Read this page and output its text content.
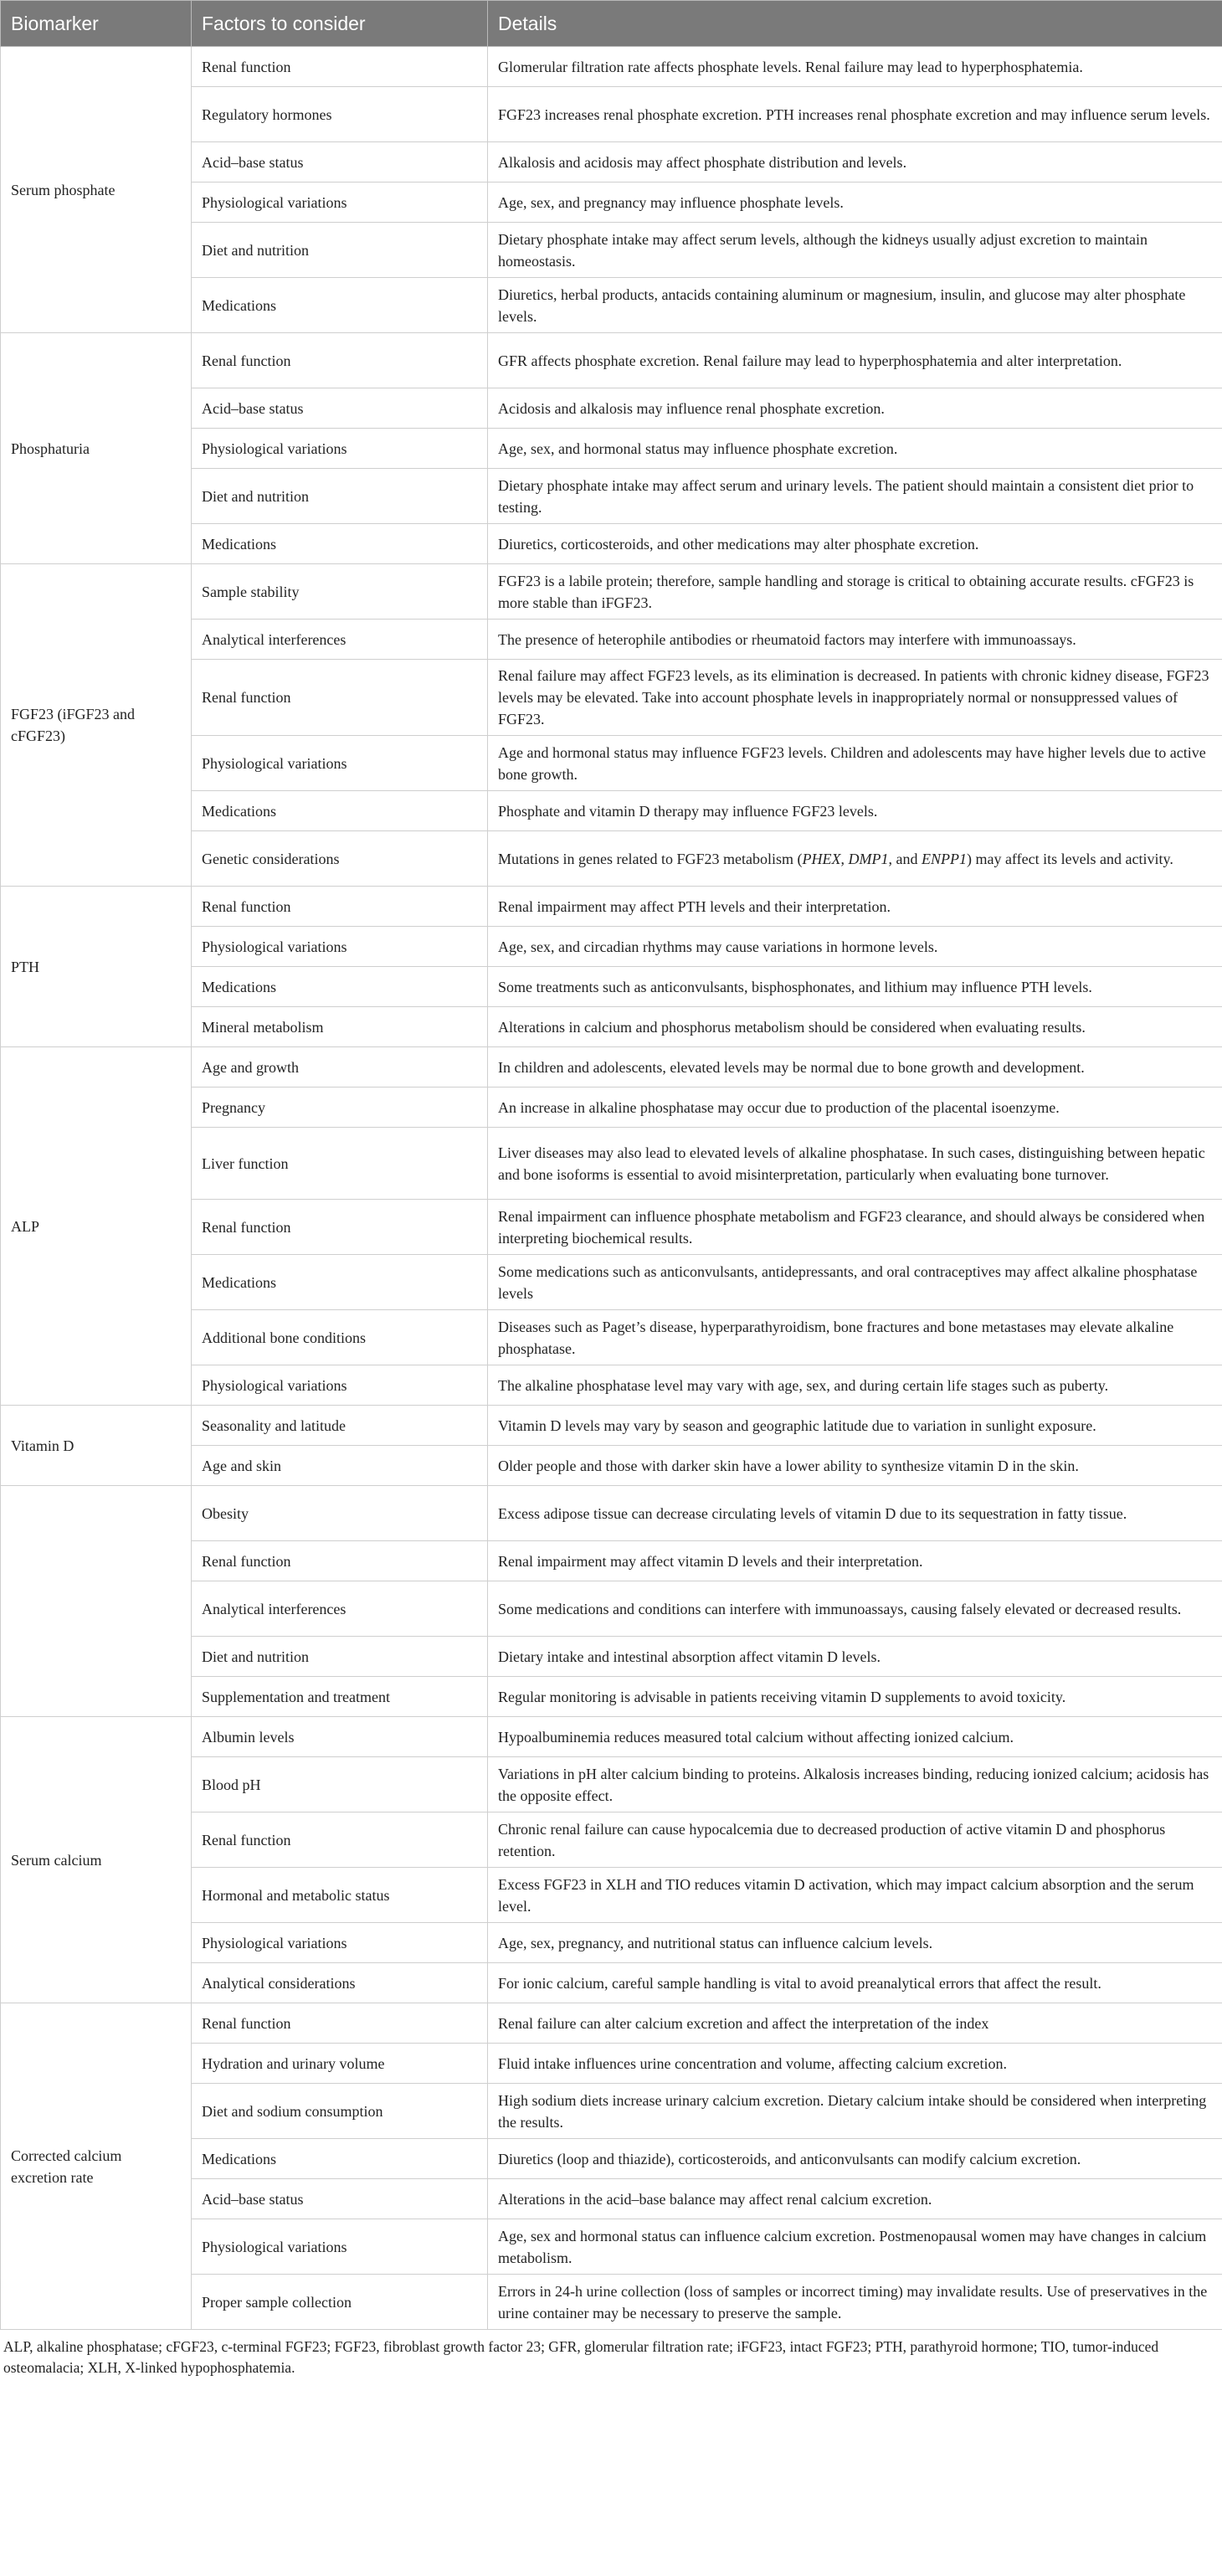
Biomarker	Factors to consider	Details
Serum phosphate	Renal function	Glomerular filtration rate affects phosphate levels. Renal failure may lead to hyperphosphatemia.
	Regulatory hormones	FGF23 increases renal phosphate excretion. PTH increases renal phosphate excretion and may influence serum levels.
	Acid–base status	Alkalosis and acidosis may affect phosphate distribution and levels.
	Physiological variations	Age, sex, and pregnancy may influence phosphate levels.
	Diet and nutrition	Dietary phosphate intake may affect serum levels, although the kidneys usually adjust excretion to maintain homeostasis.
	Medications	Diuretics, herbal products, antacids containing aluminum or magnesium, insulin, and glucose may alter phosphate levels.
Phosphaturia	Renal function	GFR affects phosphate excretion. Renal failure may lead to hyperphosphatemia and alter interpretation.
	Acid–base status	Acidosis and alkalosis may influence renal phosphate excretion.
	Physiological variations	Age, sex, and hormonal status may influence phosphate excretion.
	Diet and nutrition	Dietary phosphate intake may affect serum and urinary levels. The patient should maintain a consistent diet prior to testing.
	Medications	Diuretics, corticosteroids, and other medications may alter phosphate excretion.
FGF23 (iFGF23 and cFGF23)	Sample stability	FGF23 is a labile protein; therefore, sample handling and storage is critical to obtaining accurate results. cFGF23 is more stable than iFGF23.
	Analytical interferences	The presence of heterophile antibodies or rheumatoid factors may interfere with immunoassays.
	Renal function	Renal failure may affect FGF23 levels, as its elimination is decreased. In patients with chronic kidney disease, FGF23 levels may be elevated. Take into account phosphate levels in inappropriately normal or nonsuppressed values of FGF23.
	Physiological variations	Age and hormonal status may influence FGF23 levels. Children and adolescents may have higher levels due to active bone growth.
	Medications	Phosphate and vitamin D therapy may influence FGF23 levels.
	Genetic considerations	Mutations in genes related to FGF23 metabolism (PHEX, DMP1, and ENPP1) may affect its levels and activity.
PTH	Renal function	Renal impairment may affect PTH levels and their interpretation.
	Physiological variations	Age, sex, and circadian rhythms may cause variations in hormone levels.
	Medications	Some treatments such as anticonvulsants, bisphosphonates, and lithium may influence PTH levels.
	Mineral metabolism	Alterations in calcium and phosphorus metabolism should be considered when evaluating results.
ALP	Age and growth	In children and adolescents, elevated levels may be normal due to bone growth and development.
	Pregnancy	An increase in alkaline phosphatase may occur due to production of the placental isoenzyme.
	Liver function	Liver diseases may also lead to elevated levels of alkaline phosphatase. In such cases, distinguishing between hepatic and bone isoforms is essential to avoid misinterpretation, particularly when evaluating bone turnover.
	Renal function	Renal impairment can influence phosphate metabolism and FGF23 clearance, and should always be considered when interpreting biochemical results.
	Medications	Some medications such as anticonvulsants, antidepressants, and oral contraceptives may affect alkaline phosphatase levels
	Additional bone conditions	Diseases such as Paget’s disease, hyperparathyroidism, bone fractures and bone metastases may elevate alkaline phosphatase.
	Physiological variations	The alkaline phosphatase level may vary with age, sex, and during certain life stages such as puberty.
Vitamin D	Seasonality and latitude	Vitamin D levels may vary by season and geographic latitude due to variation in sunlight exposure.
	Age and skin	Older people and those with darker skin have a lower ability to synthesize vitamin D in the skin.
	Obesity	Excess adipose tissue can decrease circulating levels of vitamin D due to its sequestration in fatty tissue.
	Renal function	Renal impairment may affect vitamin D levels and their interpretation.
	Analytical interferences	Some medications and conditions can interfere with immunoassays, causing falsely elevated or decreased results.
	Diet and nutrition	Dietary intake and intestinal absorption affect vitamin D levels.
	Supplementation and treatment	Regular monitoring is advisable in patients receiving vitamin D supplements to avoid toxicity.
Serum calcium	Albumin levels	Hypoalbuminemia reduces measured total calcium without affecting ionized calcium.
	Blood pH	Variations in pH alter calcium binding to proteins. Alkalosis increases binding, reducing ionized calcium; acidosis has the opposite effect.
	Renal function	Chronic renal failure can cause hypocalcemia due to decreased production of active vitamin D and phosphorus retention.
	Hormonal and metabolic status	Excess FGF23 in XLH and TIO reduces vitamin D activation, which may impact calcium absorption and the serum level.
	Physiological variations	Age, sex, pregnancy, and nutritional status can influence calcium levels.
	Analytical considerations	For ionic calcium, careful sample handling is vital to avoid preanalytical errors that affect the result.
Corrected calcium excretion rate	Renal function	Renal failure can alter calcium excretion and affect the interpretation of the index
	Hydration and urinary volume	Fluid intake influences urine concentration and volume, affecting calcium excretion.
	Diet and sodium consumption	High sodium diets increase urinary calcium excretion. Dietary calcium intake should be considered when interpreting the results.
	Medications	Diuretics (loop and thiazide), corticosteroids, and anticonvulsants can modify calcium excretion.
	Acid–base status	Alterations in the acid–base balance may affect renal calcium excretion.
	Physiological variations	Age, sex and hormonal status can influence calcium excretion. Postmenopausal women may have changes in calcium metabolism.
	Proper sample collection	Errors in 24-h urine collection (loss of samples or incorrect timing) may invalidate results. Use of preservatives in the urine container may be necessary to preserve the sample.
ALP, alkaline phosphatase; cFGF23, c-terminal FGF23; FGF23, fibroblast growth factor 23; GFR, glomerular filtration rate; iFGF23, intact FGF23; PTH, parathyroid hormone; TIO, tumor-induced osteomalacia; XLH, X-linked hypophosphatemia.
